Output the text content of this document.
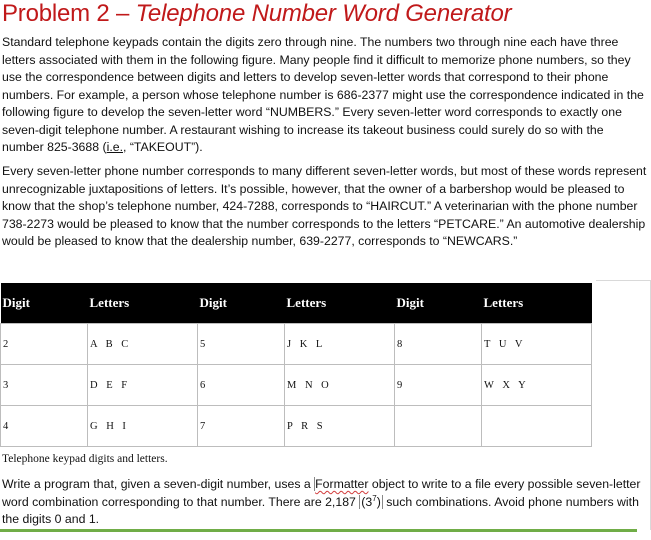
Problem 2 – Telephone Number Word Generator

Standard telephone keypads contain the digits zero through nine. The numbers two through nine each have three letters associated with them in the following figure. Many people find it difficult to memorize phone numbers, so they use the correspondence between digits and letters to develop seven-letter words that correspond to their phone numbers. For example, a person whose telephone number is 686-2377 might use the correspondence indicated in the following figure to develop the seven-letter word “NUMBERS.” Every seven-letter word corresponds to exactly one seven-digit telephone number. A restaurant wishing to increase its takeout business could surely do so with the number 825-3688 (i.e., “TAKEOUT”).

Every seven-letter phone number corresponds to many different seven-letter words, but most of these words represent unrecognizable juxtapositions of letters. It’s possible, however, that the owner of a barbershop would be pleased to know that the shop’s telephone number, 424-7288, corresponds to “HAIRCUT.” A veterinarian with the phone number 738-2273 would be pleased to know that the number corresponds to the letters “PETCARE.” An automotive dealership would be pleased to know that the dealership number, 639-2277, corresponds to “NEWCARS.”

Digit	Letters	Digit	Letters	Digit	Letters
2	A B C	5	J K L	8	T U V
3	D E F	6	M N O	9	W X Y
4	G H I	7	P R S		

Telephone keypad digits and letters.

Write a program that, given a seven-digit number, uses a Formatter object to write to a file every possible seven-letter word combination corresponding to that number. There are 2,187 $(3^7)$ such combinations. Avoid phone numbers with the digits 0 and 1.
